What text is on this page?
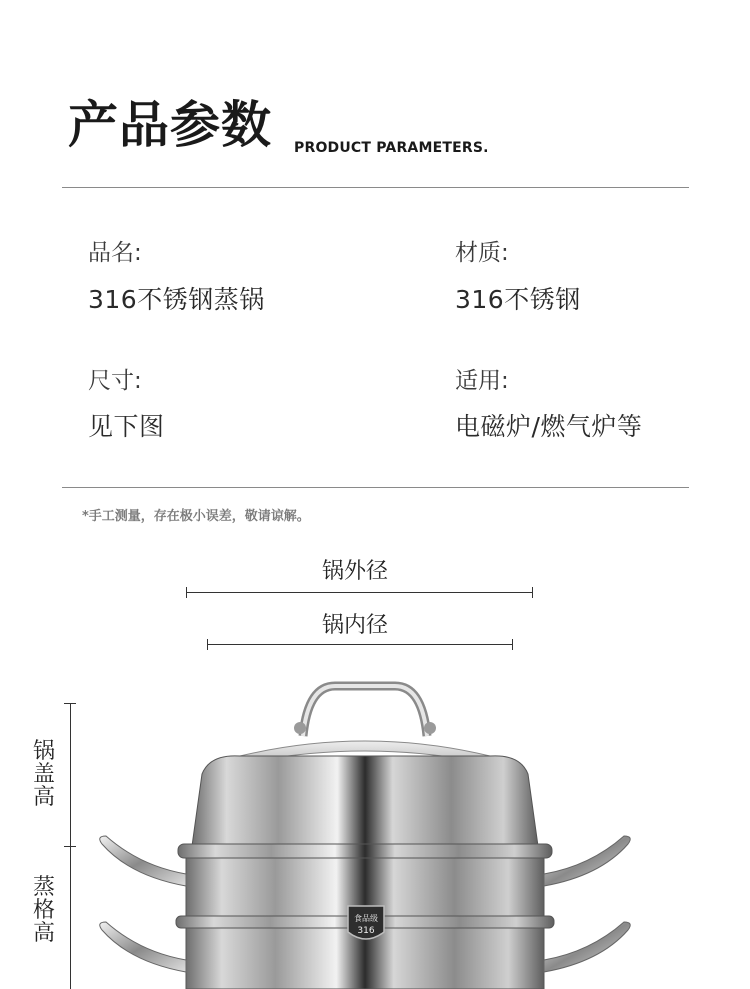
产品参数 PRODUCT PARAMETERS.
品名:
316不锈钢蒸锅
材质:
316不锈钢
尺寸:
见下图
适用:
电磁炉/燃气炉等
*手工测量，存在极小误差，敬请谅解。
锅外径
锅内径
锅盖高
蒸格高
食品级
316
